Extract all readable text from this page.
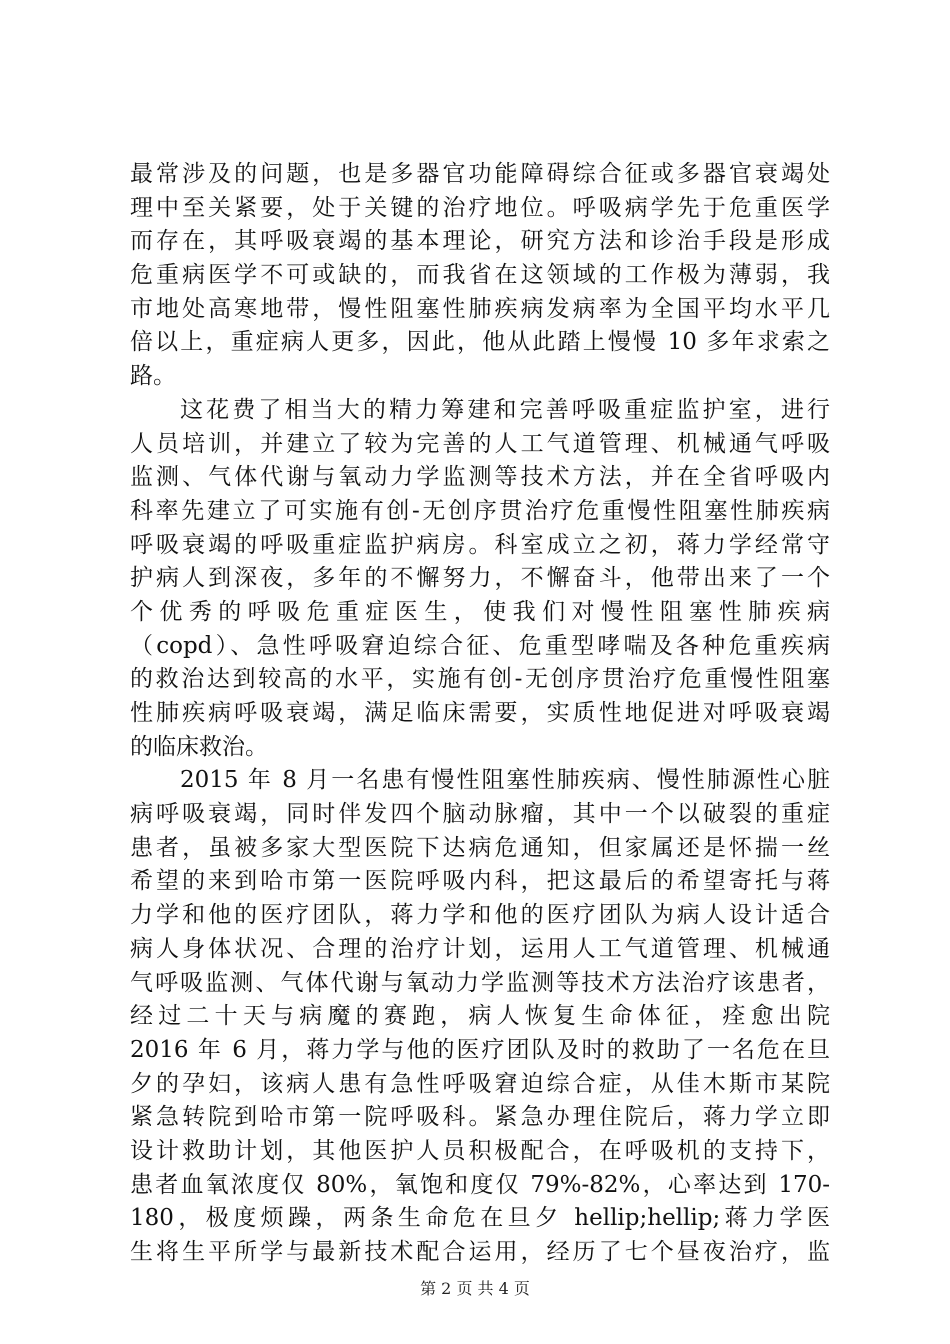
最常涉及的问题，也是多器官功能障碍综合征或多器官衰竭处
理中至关紧要，处于关键的治疗地位。呼吸病学先于危重医学
而存在，其呼吸衰竭的基本理论，研究方法和诊治手段是形成
危重病医学不可或缺的，而我省在这领域的工作极为薄弱，我
市地处高寒地带，慢性阻塞性肺疾病发病率为全国平均水平几
倍以上，重症病人更多，因此，他从此踏上慢慢 10 多年求索之
路。
这花费了相当大的精力筹建和完善呼吸重症监护室，进行
人员培训，并建立了较为完善的人工气道管理、机械通气呼吸
监测、气体代谢与氧动力学监测等技术方法，并在全省呼吸内
科率先建立了可实施有创-无创序贯治疗危重慢性阻塞性肺疾病
呼吸衰竭的呼吸重症监护病房。科室成立之初，蒋力学经常守
护病人到深夜，多年的不懈努力，不懈奋斗，他带出来了一个
个优秀的呼吸危重症医生，使我们对慢性阻塞性肺疾病
（copd）、急性呼吸窘迫综合征、危重型哮喘及各种危重疾病
的救治达到较高的水平，实施有创-无创序贯治疗危重慢性阻塞
性肺疾病呼吸衰竭，满足临床需要，实质性地促进对呼吸衰竭
的临床救治。
2015 年 8 月一名患有慢性阻塞性肺疾病、慢性肺源性心脏
病呼吸衰竭，同时伴发四个脑动脉瘤，其中一个以破裂的重症
患者，虽被多家大型医院下达病危通知，但家属还是怀揣一丝
希望的来到哈市第一医院呼吸内科，把这最后的希望寄托与蒋
力学和他的医疗团队，蒋力学和他的医疗团队为病人设计适合
病人身体状况、合理的治疗计划，运用人工气道管理、机械通
气呼吸监测、气体代谢与氧动力学监测等技术方法治疗该患者，
经过二十天与病魔的赛跑，病人恢复生命体征，痊愈出院
2016 年 6 月，蒋力学与他的医疗团队及时的救助了一名危在旦
夕的孕妇，该病人患有急性呼吸窘迫综合症，从佳木斯市某院
紧急转院到哈市第一院呼吸科。紧急办理住院后，蒋力学立即
设计救助计划，其他医护人员积极配合，在呼吸机的支持下，
患者血氧浓度仅 80%，氧饱和度仅 79%-82%，心率达到 170-
180，极度烦躁，两条生命危在旦夕 hellip;hellip;蒋力学医
生将生平所学与最新技术配合运用，经历了七个昼夜治疗，监
第 2 页 共 4 页
